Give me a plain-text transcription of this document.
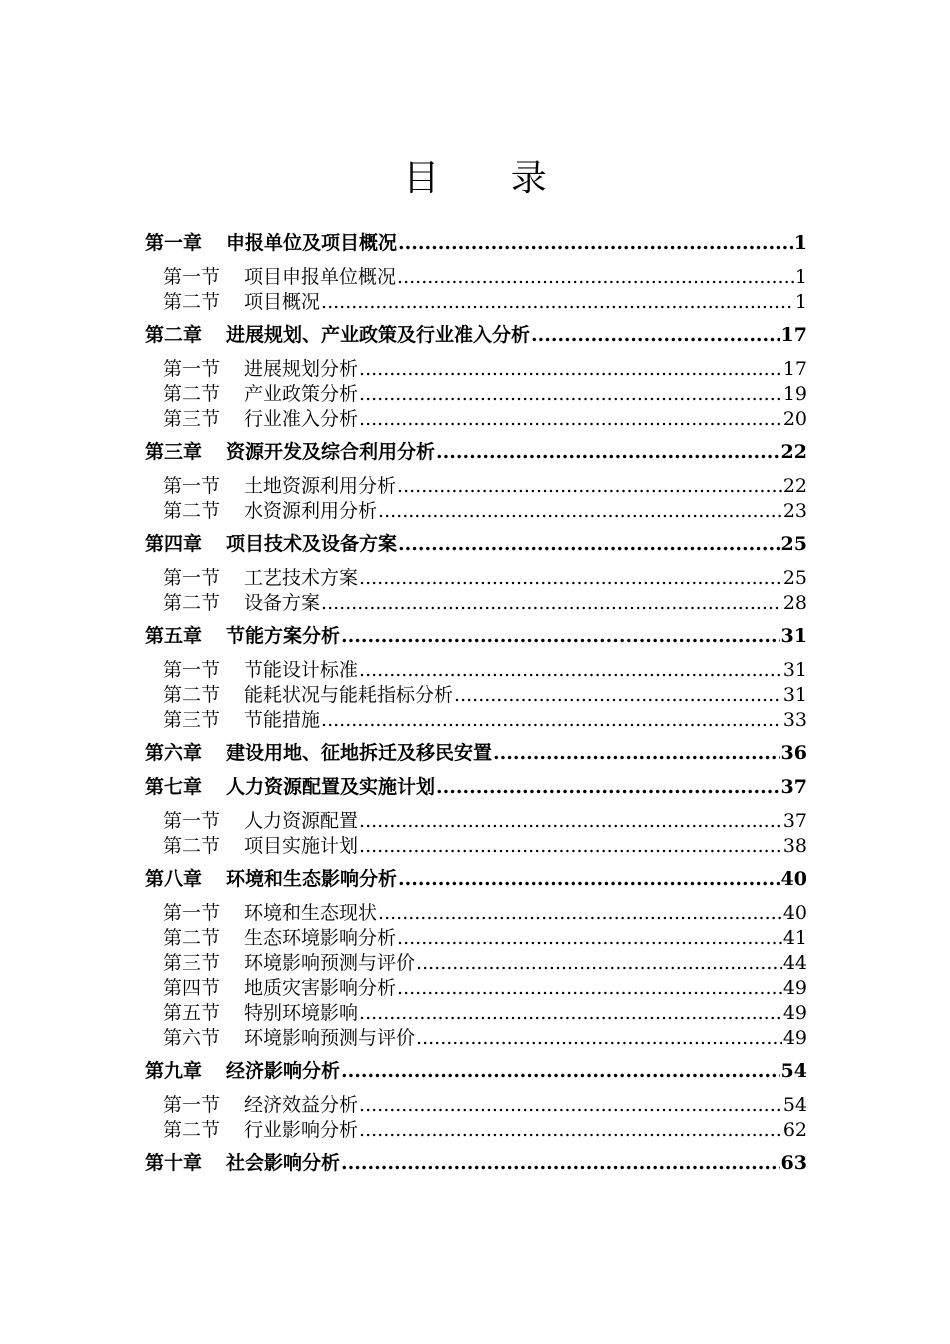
目 录
第一章 申报单位及项目概况 .....	1
第一节 项目申报单位概况 .....	1
第二节 项目概况 .....	1
第二章 进展规划、产业政策及行业准入分析 .....	17
第一节 进展规划分析 .....	17
第二节 产业政策分析 .....	19
第三节 行业准入分析 .....	20
第三章 资源开发及综合利用分析 .....	22
第一节 土地资源利用分析 .....	22
第二节 水资源利用分析 .....	23
第四章 项目技术及设备方案 .....	25
第一节 工艺技术方案 .....	25
第二节 设备方案 .....	28
第五章 节能方案分析 .....	31
第一节 节能设计标准 .....	31
第二节 能耗状况与能耗指标分析 .....	31
第三节 节能措施 .....	33
第六章 建设用地、征地拆迁及移民安置 .....	36
第七章 人力资源配置及实施计划 .....	37
第一节 人力资源配置 .....	37
第二节 项目实施计划 .....	38
第八章 环境和生态影响分析 .....	40
第一节 环境和生态现状 .....	40
第二节 生态环境影响分析 .....	41
第三节 环境影响预测与评价 .....	44
第四节 地质灾害影响分析 .....	49
第五节 特别环境影响 .....	49
第六节 环境影响预测与评价 .....	49
第九章 经济影响分析 .....	54
第一节 经济效益分析 .....	54
第二节 行业影响分析 .....	62
第十章 社会影响分析 .....	63
